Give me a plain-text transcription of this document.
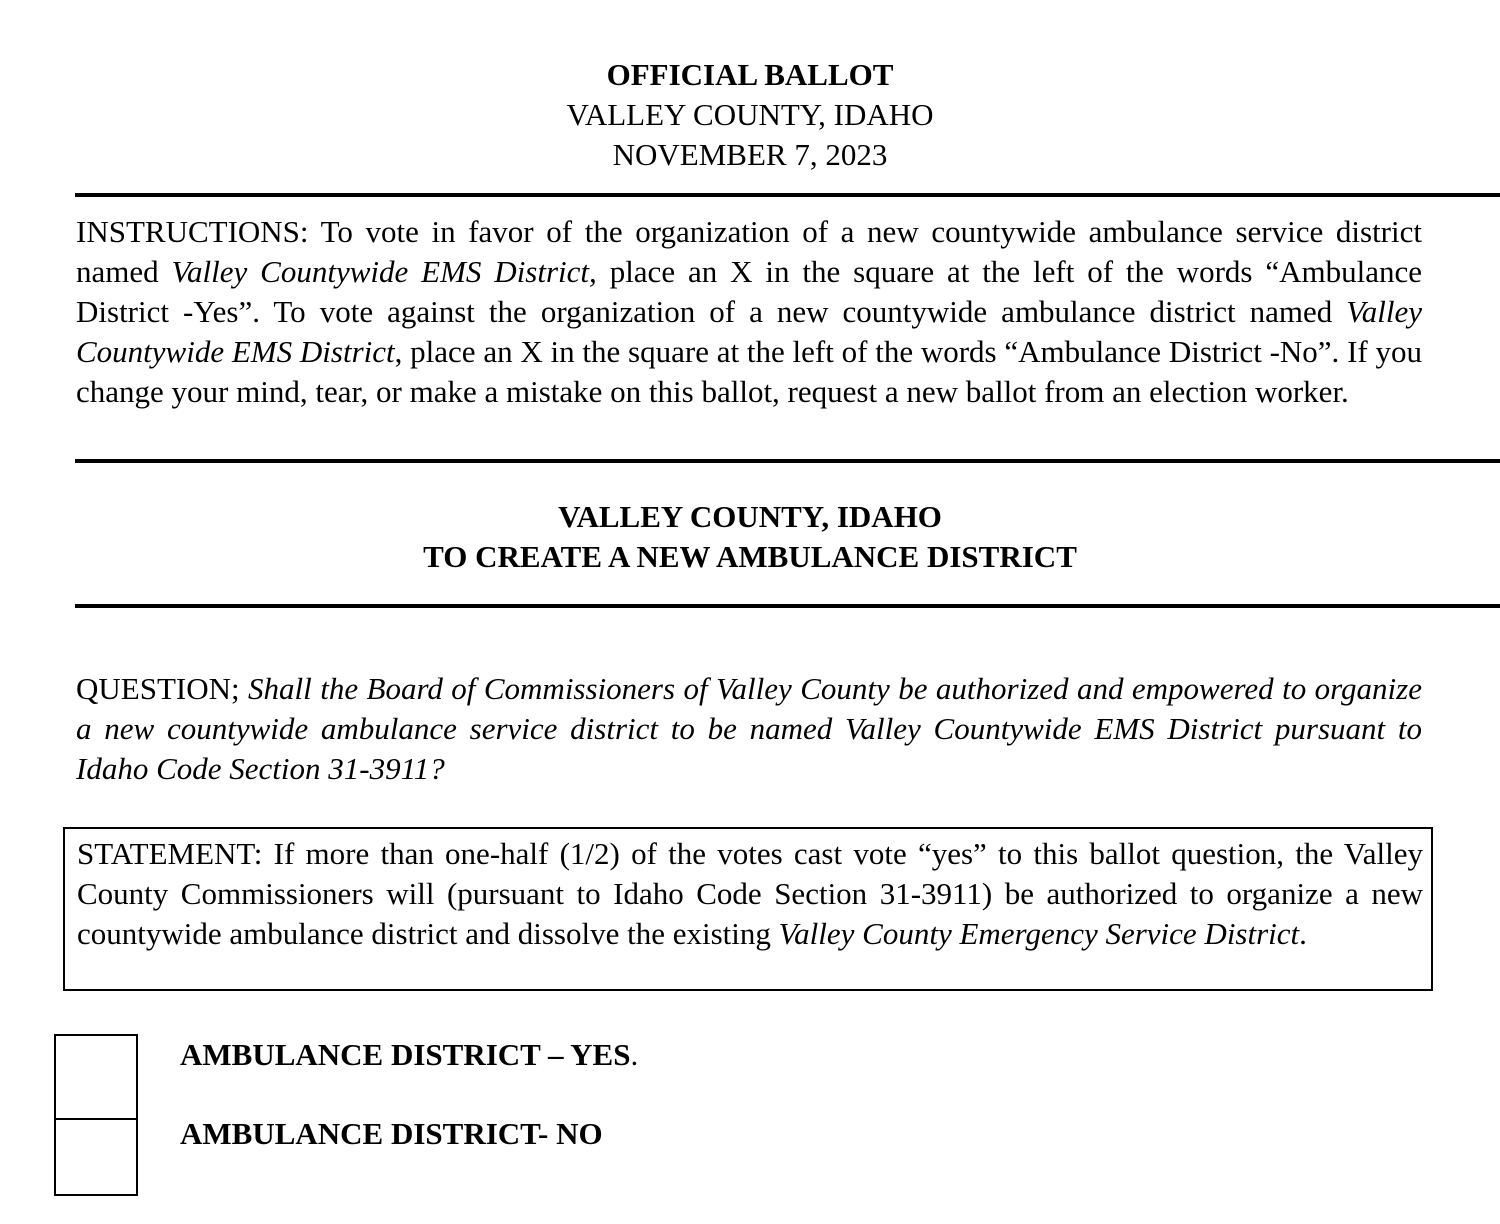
OFFICIAL BALLOT
VALLEY COUNTY, IDAHO
NOVEMBER 7, 2023
INSTRUCTIONS: To vote in favor of the organization of a new countywide ambulance service district named Valley Countywide EMS District, place an X in the square at the left of the words “Ambulance District -Yes”. To vote against the organization of a new countywide ambulance district named Valley Countywide EMS District, place an X in the square at the left of the words “Ambulance District -No”. If you change your mind, tear, or make a mistake on this ballot, request a new ballot from an election worker.
VALLEY COUNTY, IDAHO
TO CREATE A NEW AMBULANCE DISTRICT
QUESTION; Shall the Board of Commissioners of Valley County be authorized and empowered to organize a new countywide ambulance service district to be named Valley Countywide EMS District pursuant to Idaho Code Section 31-3911?
STATEMENT: If more than one-half (1/2) of the votes cast vote “yes” to this ballot question, the Valley County Commissioners will (pursuant to Idaho Code Section 31-3911) be authorized to organize a new countywide ambulance district and dissolve the existing Valley County Emergency Service District.
AMBULANCE DISTRICT – YES.
AMBULANCE DISTRICT- NO
